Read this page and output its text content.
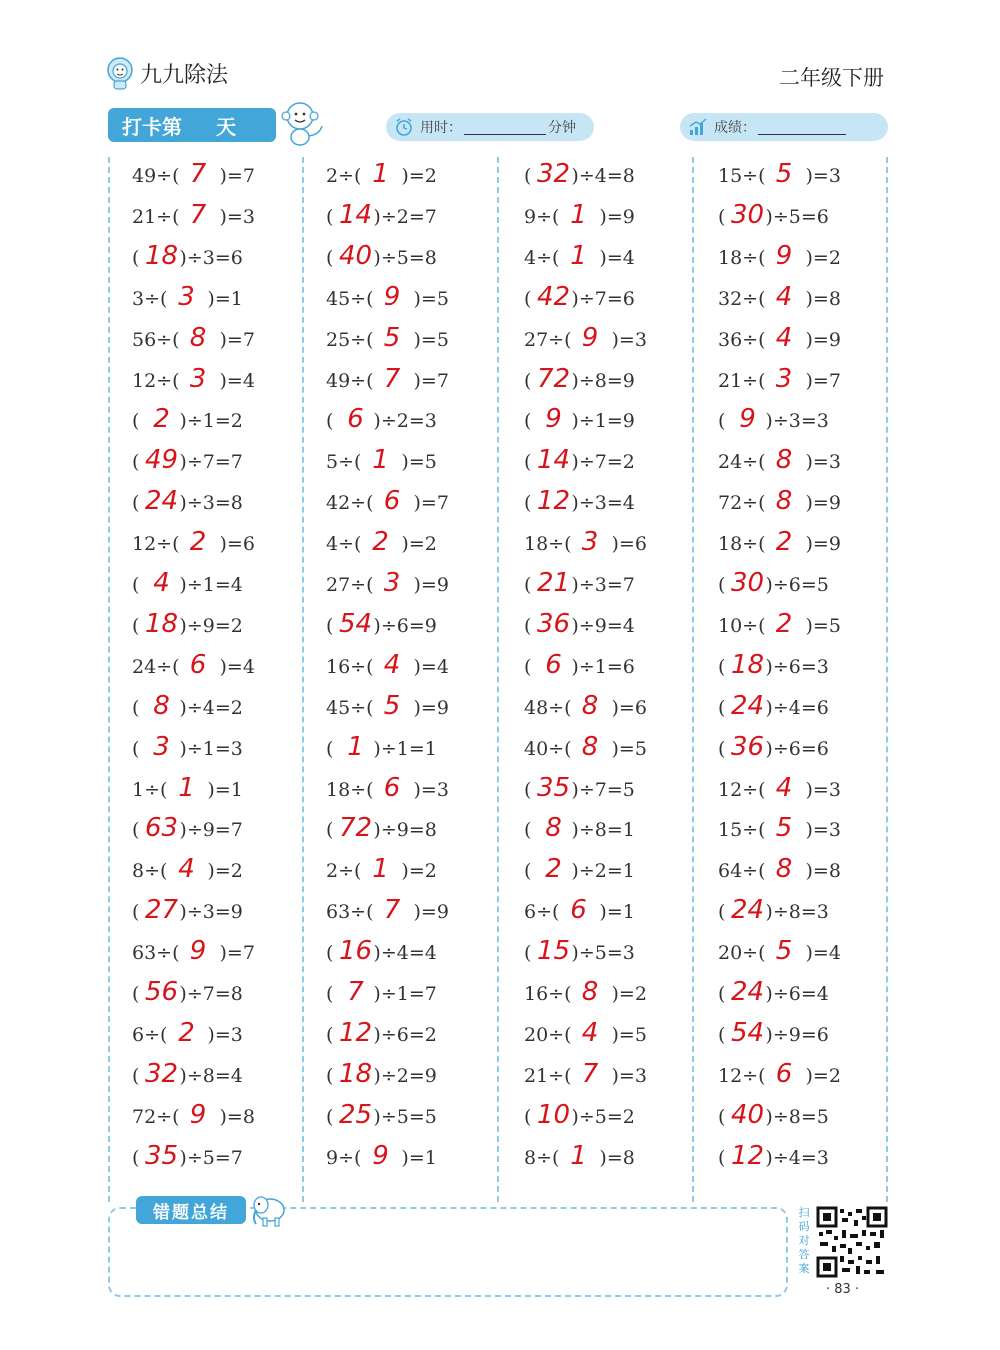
九九除法	二年级下册
打卡第 天	用时：	分钟	成绩：
49÷( )=7
7
21÷( )=3
7
( )÷3=6
18
3÷( )=1
3
56÷( )=7
8
12÷( )=4
3
( )÷1=2
2
( )÷7=7
49
( )÷3=8
24
12÷( )=6
2
( )÷1=4
4
( )÷9=2
18
24÷( )=4
6
( )÷4=2
8
( )÷1=3
3
1÷( )=1
1
( )÷9=7
63
8÷( )=2
4
( )÷3=9
27
63÷( )=7
9
( )÷7=8
56
6÷( )=3
2
( )÷8=4
32
72÷( )=8
9
( )÷5=7
35
2÷( )=2
1
( )÷2=7
14
( )÷5=8
40
45÷( )=5
9
25÷( )=5
5
49÷( )=7
7
( )÷2=3
6
5÷( )=5
1
42÷( )=7
6
4÷( )=2
2
27÷( )=9
3
( )÷6=9
54
16÷( )=4
4
45÷( )=9
5
( )÷1=1
1
18÷( )=3
6
( )÷9=8
72
2÷( )=2
1
63÷( )=9
7
( )÷4=4
16
( )÷1=7
7
( )÷6=2
12
( )÷2=9
18
( )÷5=5
25
9÷( )=1
9
( )÷4=8
32
9÷( )=9
1
4÷( )=4
1
( )÷7=6
42
27÷( )=3
9
( )÷8=9
72
( )÷1=9
9
( )÷7=2
14
( )÷3=4
12
18÷( )=6
3
( )÷3=7
21
( )÷9=4
36
( )÷1=6
6
48÷( )=6
8
40÷( )=5
8
( )÷7=5
35
( )÷8=1
8
( )÷2=1
2
6÷( )=1
6
( )÷5=3
15
16÷( )=2
8
20÷( )=5
4
21÷( )=3
7
( )÷5=2
10
8÷( )=8
1
15÷( )=3
5
( )÷5=6
30
18÷( )=2
9
32÷( )=8
4
36÷( )=9
4
21÷( )=7
3
( )÷3=3
9
24÷( )=3
8
72÷( )=9
8
18÷( )=9
2
( )÷6=5
30
10÷( )=5
2
( )÷6=3
18
( )÷4=6
24
( )÷6=6
36
12÷( )=3
4
15÷( )=3
5
64÷( )=8
8
( )÷8=3
24
20÷( )=4
5
( )÷6=4
24
( )÷9=6
54
12÷( )=2
6
( )÷8=5
40
( )÷4=3
12
错题总结	扫码对答案
· 83 ·
